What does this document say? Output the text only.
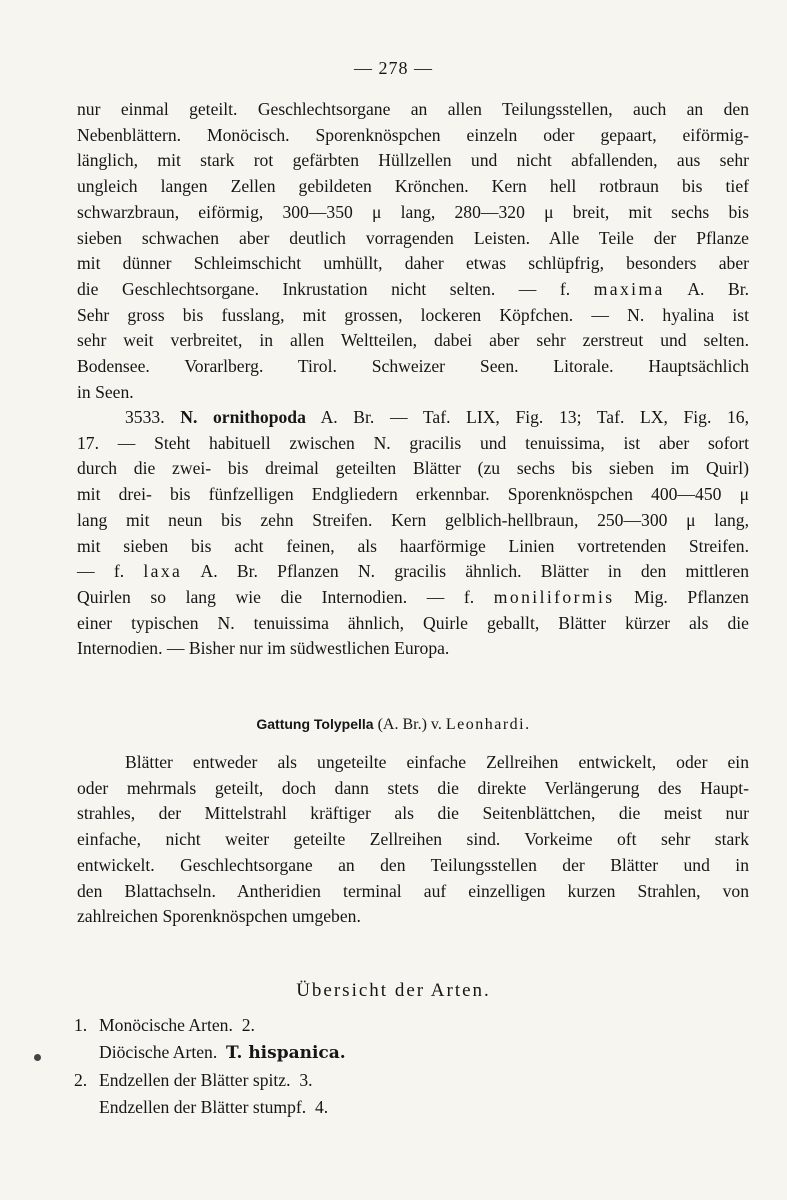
— 278 —
nur einmal geteilt. Geschlechtsorgane an allen Teilungsstellen, auch an den
Nebenblättern. Monöcisch. Sporenknöspchen einzeln oder gepaart, eiförmig-
länglich, mit stark rot gefärbten Hüllzellen und nicht abfallenden, aus sehr
ungleich langen Zellen gebildeten Krönchen. Kern hell rotbraun bis tief
schwarzbraun, eiförmig, 300—350 μ lang, 280—320 μ breit, mit sechs bis
sieben schwachen aber deutlich vorragenden Leisten. Alle Teile der Pflanze
mit dünner Schleimschicht umhüllt, daher etwas schlüpfrig, besonders aber
die Geschlechtsorgane. Inkrustation nicht selten. — f. maxima A. Br.
Sehr gross bis fusslang, mit grossen, lockeren Köpfchen. — N. hyalina ist
sehr weit verbreitet, in allen Weltteilen, dabei aber sehr zerstreut und selten.
Bodensee. Vorarlberg. Tirol. Schweizer Seen. Litorale. Hauptsächlich
in Seen.
3533. N. ornithopoda A. Br. — Taf. LIX, Fig. 13; Taf. LX, Fig. 16,
17. — Steht habituell zwischen N. gracilis und tenuissima, ist aber sofort
durch die zwei- bis dreimal geteilten Blätter (zu sechs bis sieben im Quirl)
mit drei- bis fünfzelligen Endgliedern erkennbar. Sporenknöspchen 400—450 μ
lang mit neun bis zehn Streifen. Kern gelblich-hellbraun, 250—300 μ lang,
mit sieben bis acht feinen, als haarförmige Linien vortretenden Streifen.
— f. laxa A. Br. Pflanzen N. gracilis ähnlich. Blätter in den mittleren
Quirlen so lang wie die Internodien. — f. moniliformis Mig. Pflanzen
einer typischen N. tenuissima ähnlich, Quirle geballt, Blätter kürzer als die
Internodien. — Bisher nur im südwestlichen Europa.
Gattung Tolypella (A. Br.) v. Leonhardi.
Blätter entweder als ungeteilte einfache Zellreihen entwickelt, oder ein
oder mehrmals geteilt, doch dann stets die direkte Verlängerung des Haupt-
strahles, der Mittelstrahl kräftiger als die Seitenblättchen, die meist nur
einfache, nicht weiter geteilte Zellreihen sind. Vorkeime oft sehr stark
entwickelt. Geschlechtsorgane an den Teilungsstellen der Blätter und in
den Blattachseln. Antheridien terminal auf einzelligen kurzen Strahlen, von
zahlreichen Sporenknöspchen umgeben.
Übersicht der Arten.
1. Monöcische Arten. 2.
Diöcische Arten. T. hispanica.
2. Endzellen der Blätter spitz. 3.
Endzellen der Blätter stumpf. 4.
